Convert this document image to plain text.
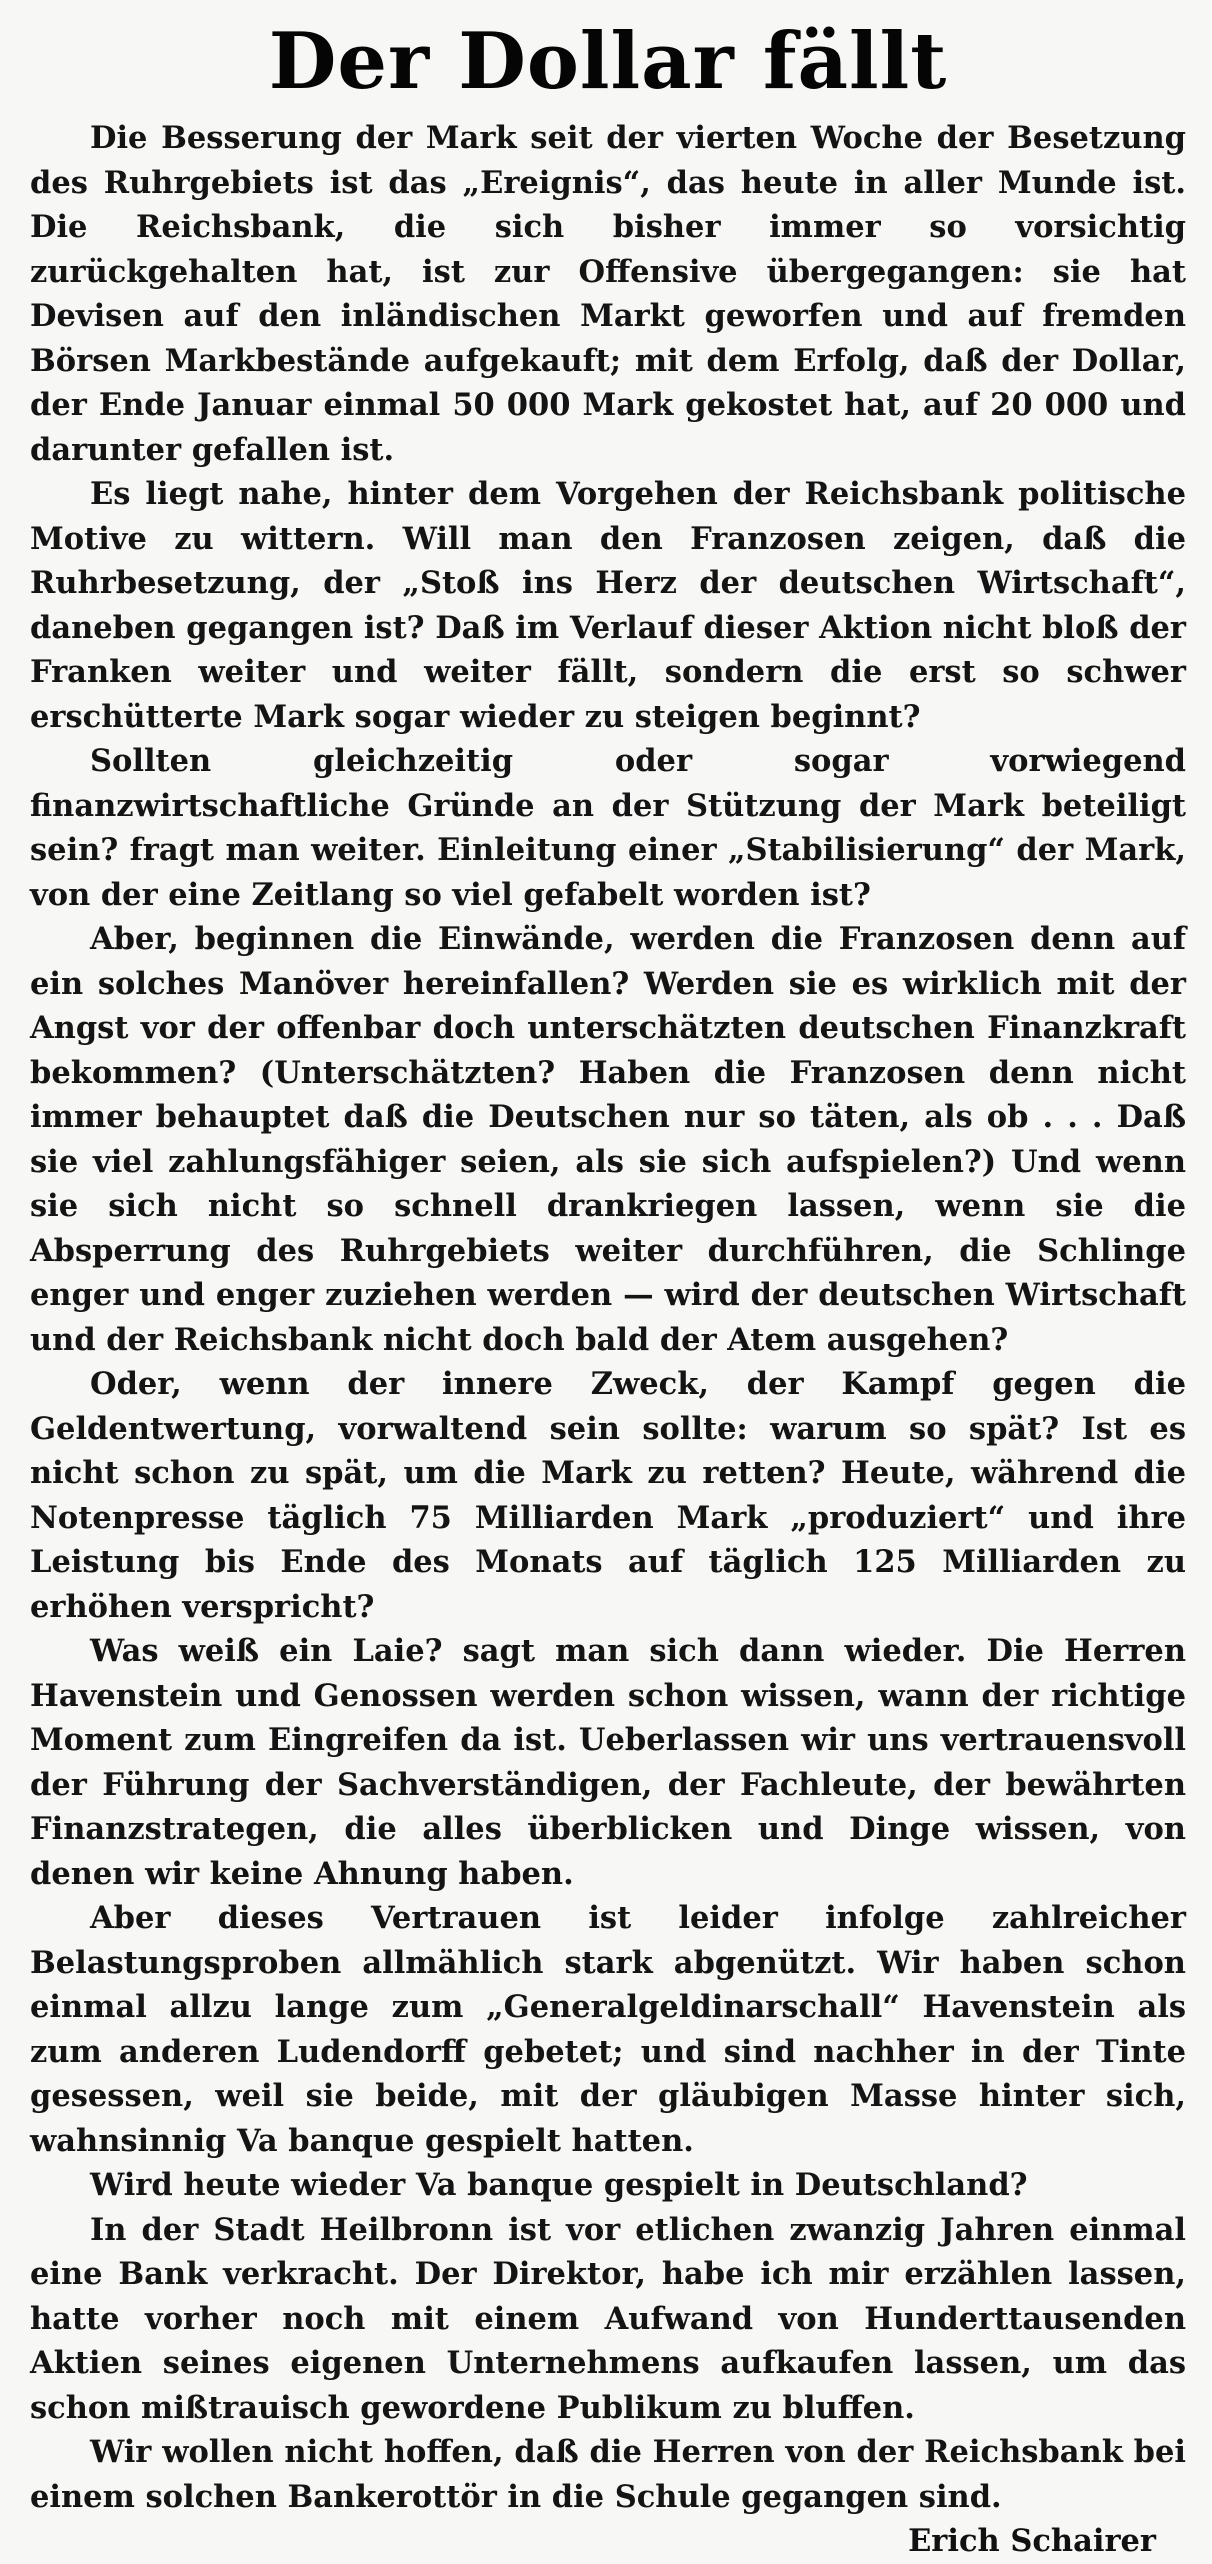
Der Dollar fällt

Die Besserung der Mark seit der vierten Woche der Besetzung des Ruhrgebiets ist das „Ereignis“, das heute in aller Munde ist. Die Reichsbank, die sich bisher immer so vorsichtig zurückgehalten hat, ist zur Offensive übergegangen: sie hat Devisen auf den inländischen Markt geworfen und auf fremden Börsen Markbestände aufgekauft; mit dem Erfolg, daß der Dollar, der Ende Januar einmal 50 000 Mark gekostet hat, auf 20 000 und darunter gefallen ist.

Es liegt nahe, hinter dem Vorgehen der Reichsbank politische Motive zu wittern. Will man den Franzosen zeigen, daß die Ruhrbesetzung, der „Stoß ins Herz der deutschen Wirtschaft“, daneben gegangen ist? Daß im Verlauf dieser Aktion nicht bloß der Franken weiter und weiter fällt, sondern die erst so schwer erschütterte Mark sogar wieder zu steigen beginnt?

Sollten gleichzeitig oder sogar vorwiegend finanzwirtschaftliche Gründe an der Stützung der Mark beteiligt sein? fragt man weiter. Einleitung einer „Stabilisierung“ der Mark, von der eine Zeitlang so viel gefabelt worden ist?

Aber, beginnen die Einwände, werden die Franzosen denn auf ein solches Manöver hereinfallen? Werden sie es wirklich mit der Angst vor der offenbar doch unterschätzten deutschen Finanzkraft bekommen? (Unterschätzten? Haben die Franzosen denn nicht immer behauptet daß die Deutschen nur so täten, als ob . . . Daß sie viel zahlungsfähiger seien, als sie sich aufspielen?) Und wenn sie sich nicht so schnell drankriegen lassen, wenn sie die Absperrung des Ruhrgebiets weiter durchführen, die Schlinge enger und enger zuziehen werden — wird der deutschen Wirtschaft und der Reichsbank nicht doch bald der Atem ausgehen?

Oder, wenn der innere Zweck, der Kampf gegen die Geldentwertung, vorwaltend sein sollte: warum so spät? Ist es nicht schon zu spät, um die Mark zu retten? Heute, während die Notenpresse täglich 75 Milliarden Mark „produziert“ und ihre Leistung bis Ende des Monats auf täglich 125 Milliarden zu erhöhen verspricht?

Was weiß ein Laie? sagt man sich dann wieder. Die Herren Havenstein und Genossen werden schon wissen, wann der richtige Moment zum Eingreifen da ist. Ueberlassen wir uns vertrauensvoll der Führung der Sachverständigen, der Fachleute, der bewährten Finanzstrategen, die alles überblicken und Dinge wissen, von denen wir keine Ahnung haben.

Aber dieses Vertrauen ist leider infolge zahlreicher Belastungsproben allmählich stark abgenützt. Wir haben schon einmal allzu lange zum „Generalgeldinarschall“ Havenstein als zum anderen Ludendorff gebetet; und sind nachher in der Tinte gesessen, weil sie beide, mit der gläubigen Masse hinter sich, wahnsinnig Va banque gespielt hatten.

Wird heute wieder Va banque gespielt in Deutschland?

In der Stadt Heilbronn ist vor etlichen zwanzig Jahren einmal eine Bank verkracht. Der Direktor, habe ich mir erzählen lassen, hatte vorher noch mit einem Aufwand von Hunderttausenden Aktien seines eigenen Unternehmens aufkaufen lassen, um das schon mißtrauisch gewordene Publikum zu bluffen.

Wir wollen nicht hoffen, daß die Herren von der Reichsbank bei einem solchen Bankerottör in die Schule gegangen sind.

Erich Schairer
